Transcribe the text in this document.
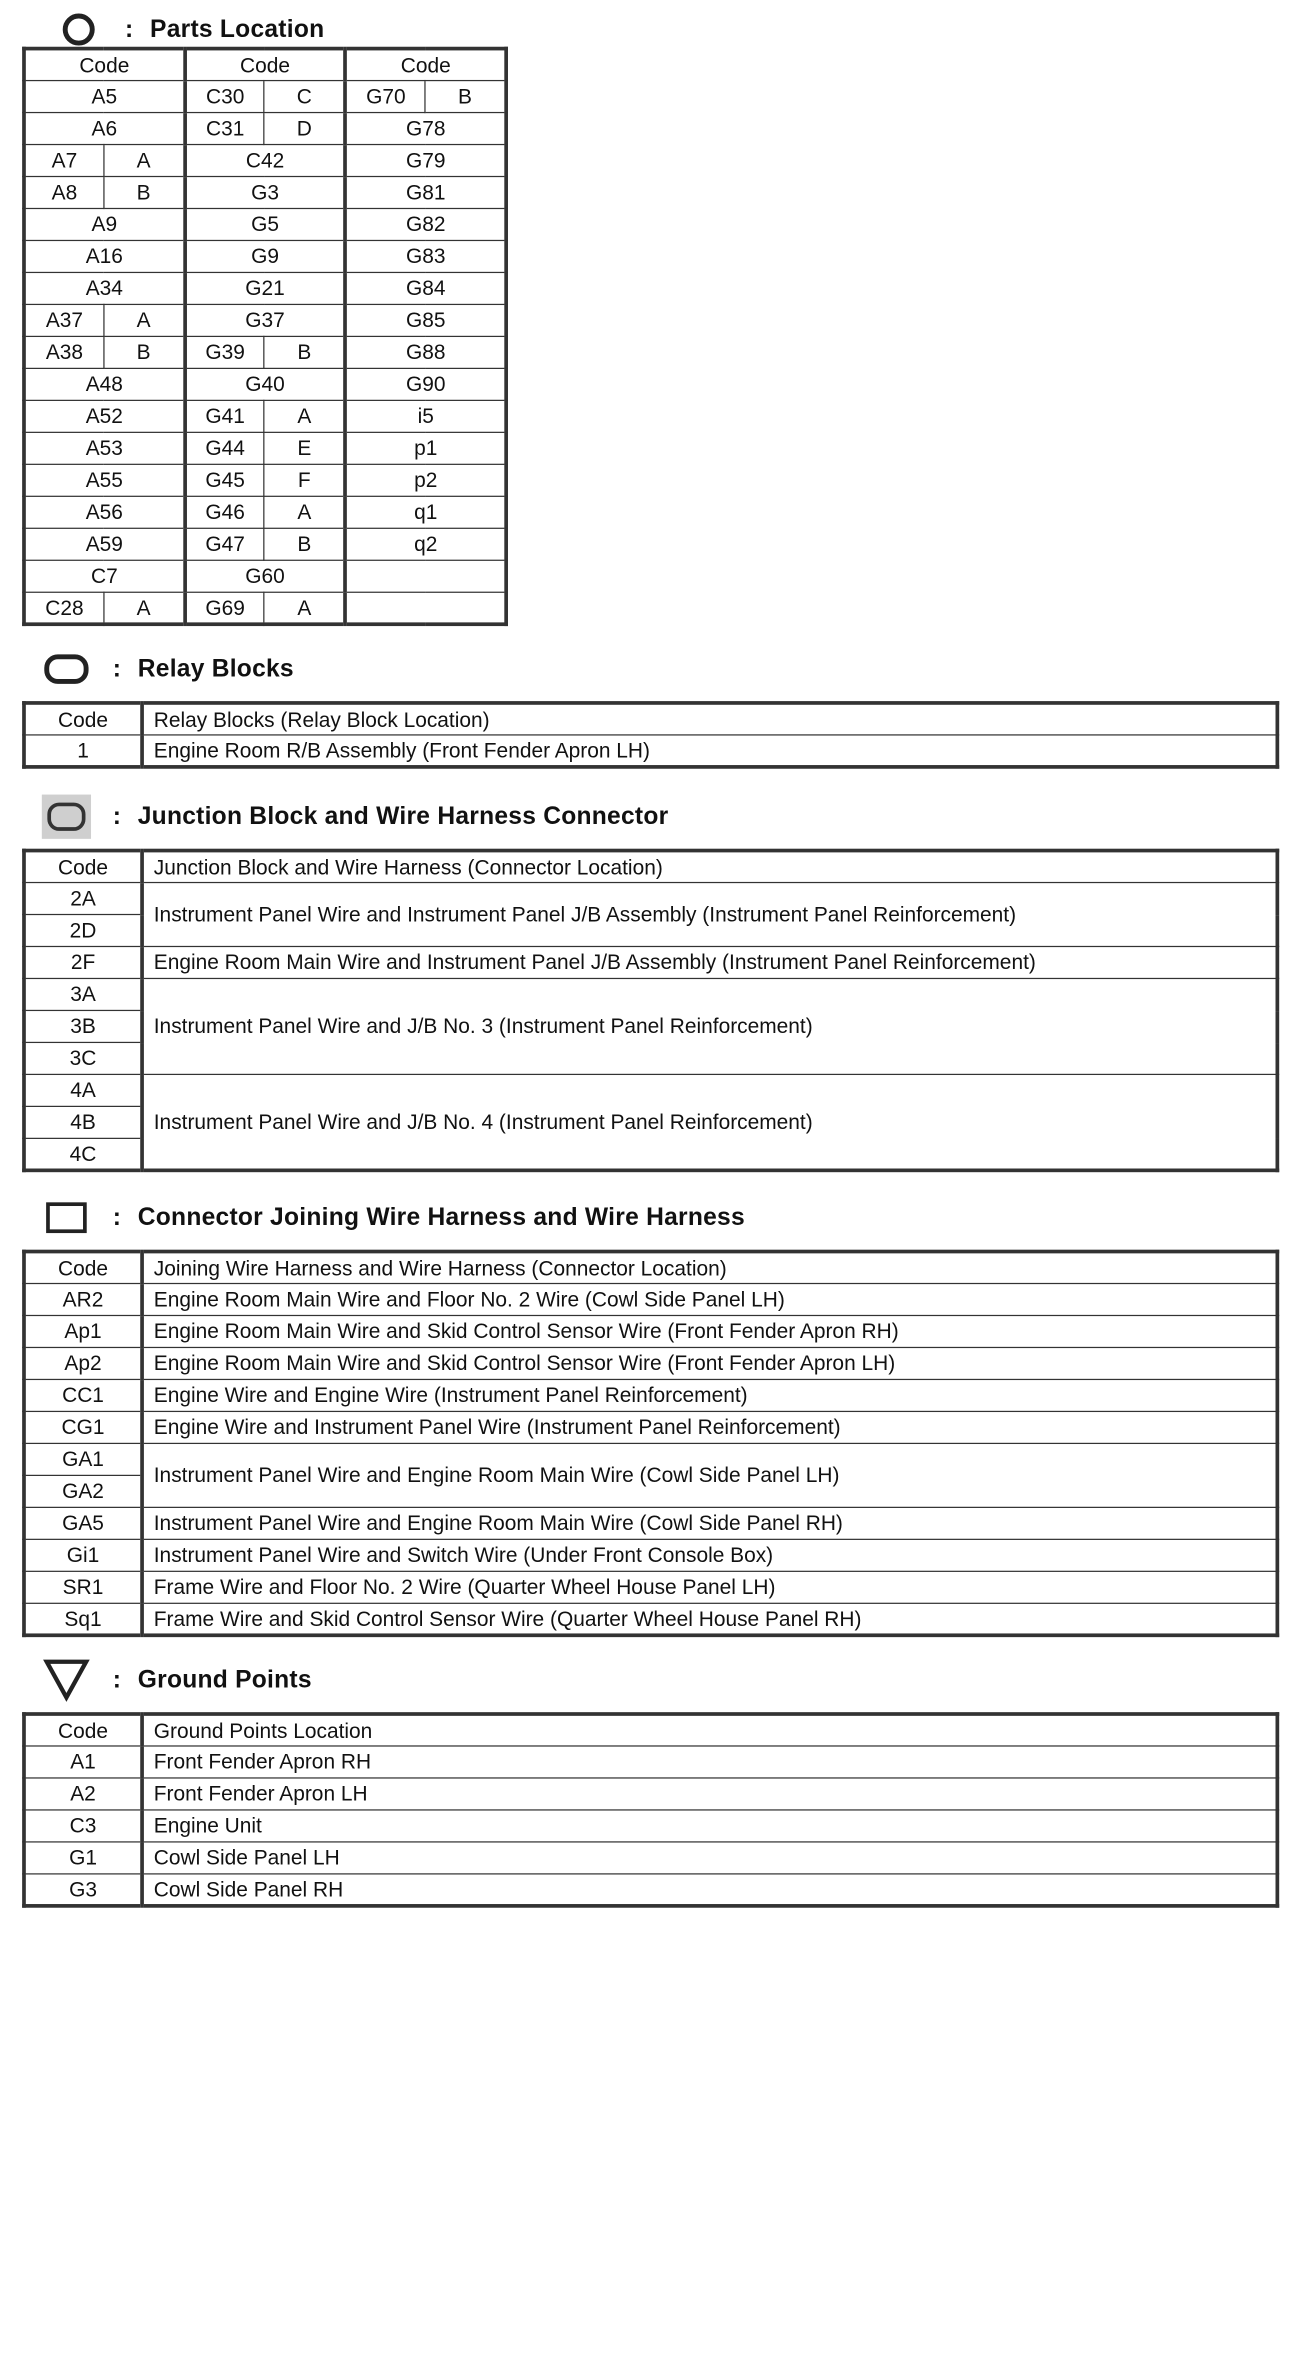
: Parts Location
Code		Code		Code	
A5		C30	C	G70	B
A6		C31	D	G78	
A7	A	C42		G79	
A8	B	G3		G81	
A9		G5		G82	
A16		G9		G83	
A34		G21		G84	
A37	A	G37		G85	
A38	B	G39	B	G88	
A48		G40		G90	
A52		G41	A	i5	
A53		G44	E	p1	
A55		G45	F	p2	
A56		G46	A	q1	
A59		G47	B	q2	
C7		G60			
C28	A	G69	A		
: Relay Blocks
Code	Relay Blocks (Relay Block Location)
1	Engine Room R/B Assembly (Front Fender Apron LH)
: Junction Block and Wire Harness Connector
Code	Junction Block and Wire Harness (Connector Location)
2A	Instrument Panel Wire and Instrument Panel J/B Assembly (Instrument Panel Reinforcement)
2D	
2F	Engine Room Main Wire and Instrument Panel J/B Assembly (Instrument Panel Reinforcement)
3A	Instrument Panel Wire and J/B No. 3 (Instrument Panel Reinforcement)
3B	
3C	
4A	Instrument Panel Wire and J/B No. 4 (Instrument Panel Reinforcement)
4B	
4C	
: Connector Joining Wire Harness and Wire Harness
Code	Joining Wire Harness and Wire Harness (Connector Location)
AR2	Engine Room Main Wire and Floor No. 2 Wire (Cowl Side Panel LH)
Ap1	Engine Room Main Wire and Skid Control Sensor Wire (Front Fender Apron RH)
Ap2	Engine Room Main Wire and Skid Control Sensor Wire (Front Fender Apron LH)
CC1	Engine Wire and Engine Wire (Instrument Panel Reinforcement)
CG1	Engine Wire and Instrument Panel Wire (Instrument Panel Reinforcement)
GA1	Instrument Panel Wire and Engine Room Main Wire (Cowl Side Panel LH)
GA2	
GA5	Instrument Panel Wire and Engine Room Main Wire (Cowl Side Panel RH)
Gi1	Instrument Panel Wire and Switch Wire (Under Front Console Box)
SR1	Frame Wire and Floor No. 2 Wire (Quarter Wheel House Panel LH)
Sq1	Frame Wire and Skid Control Sensor Wire (Quarter Wheel House Panel RH)
: Ground Points
Code	Ground Points Location
A1	Front Fender Apron RH
A2	Front Fender Apron LH
C3	Engine Unit
G1	Cowl Side Panel LH
G3	Cowl Side Panel RH
